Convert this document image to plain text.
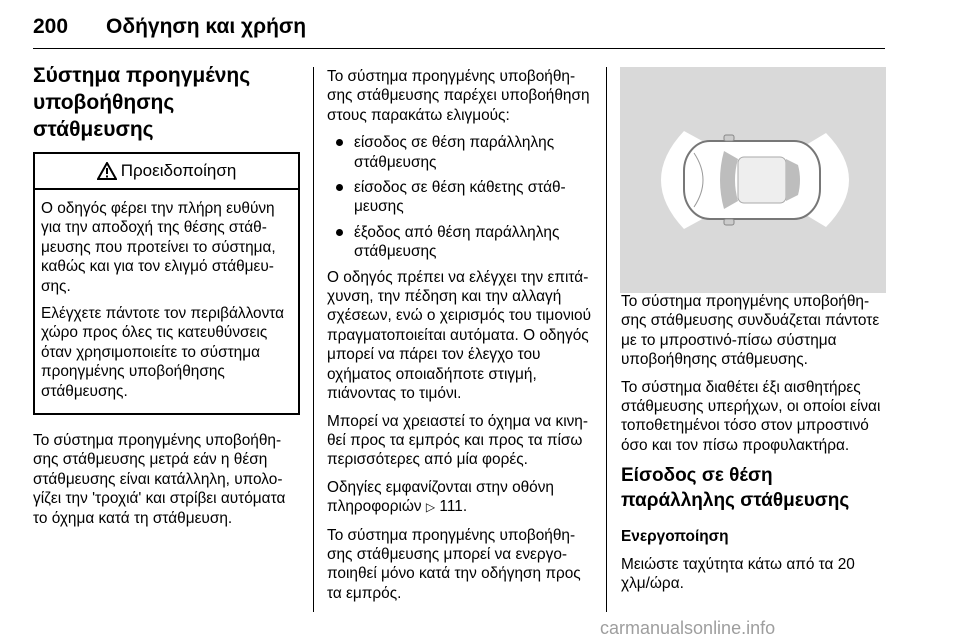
200 Οδήγηση και χρήση
Σύστημα προηγμένης υποβοήθησης στάθμευσης
Προειδοποίηση

Ο οδηγός φέρει την πλήρη ευθύνη για την αποδοχή της θέσης στάθμευσης που προτείνει το σύστημα, καθώς και για τον ελιγμό στάθμευσης.

Ελέγχετε πάντοτε τον περιβάλλοντα χώρο προς όλες τις κατευθύνσεις όταν χρησιμοποιείτε το σύστημα προηγμένης υποβοήθησης στάθμευσης.

Το σύστημα προηγμένης υποβοήθησης στάθμευσης μετρά εάν η θέση στάθμευσης είναι κατάλληλη, υπολογίζει την 'τροχιά' και στρίβει αυτόματα το όχημα κατά τη στάθμευση.

Το σύστημα προηγμένης υποβοήθησης στάθμευσης παρέχει υποβοήθηση στους παρακάτω ελιγμούς:

είσοδος σε θέση παράλληλης στάθμευσης
είσοδος σε θέση κάθετης στάθμευσης
έξοδος από θέση παράλληλης στάθμευσης

Ο οδηγός πρέπει να ελέγχει την επιτάχυνση, την πέδηση και την αλλαγή σχέσεων, ενώ ο χειρισμός του τιμονιού πραγματοποιείται αυτόματα. Ο οδηγός μπορεί να πάρει τον έλεγχο του οχήματος οποιαδήποτε στιγμή, πιάνοντας το τιμόνι.

Μπορεί να χρειαστεί το όχημα να κινηθεί προς τα εμπρός και προς τα πίσω περισσότερες από μία φορές.

Οδηγίες εμφανίζονται στην οθόνη πληροφοριών ▷ 111.

Το σύστημα προηγμένης υποβοήθησης στάθμευσης μπορεί να ενεργοποιηθεί μόνο κατά την οδήγηση προς τα εμπρός.

Το σύστημα προηγμένης υποβοήθησης στάθμευσης συνδυάζεται πάντοτε με το μπροστινό-πίσω σύστημα υποβοήθησης στάθμευσης.

Το σύστημα διαθέτει έξι αισθητήρες στάθμευσης υπερήχων, οι οποίοι είναι τοποθετημένοι τόσο στον μπροστινό όσο και τον πίσω προφυλακτήρα.

Είσοδος σε θέση παράλληλης στάθμευσης

Ενεργοποίηση

Μειώστε ταχύτητα κάτω από τα 20 χλμ/ώρα.

carmanualsonline.info
